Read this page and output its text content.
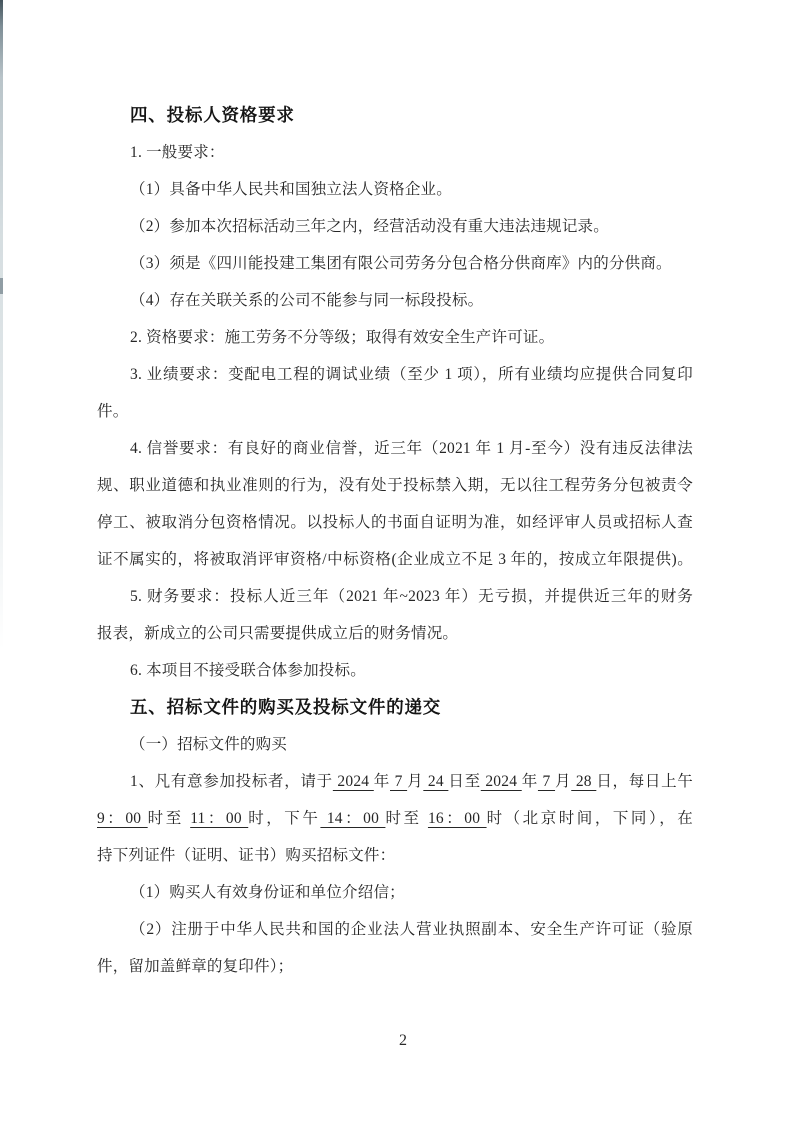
四、投标人资格要求
1. 一般要求：
（1）具备中华人民共和国独立法人资格企业。
（2）参加本次招标活动三年之内，经营活动没有重大违法违规记录。
（3）须是《四川能投建工集团有限公司劳务分包合格分供商库》内的分供商。
（4）存在关联关系的公司不能参与同一标段投标。
2. 资格要求：施工劳务不分等级；取得有效安全生产许可证。
3. 业绩要求：变配电工程的调试业绩（至少 1 项），所有业绩均应提供合同复印
件。
4. 信誉要求：有良好的商业信誉，近三年（2021 年 1 月-至今）没有违反法律法
规、职业道德和执业准则的行为，没有处于投标禁入期，无以往工程劳务分包被责令
停工、被取消分包资格情况。以投标人的书面自证明为准，如经评审人员或招标人查
证不属实的，将被取消评审资格/中标资格(企业成立不足 3 年的，按成立年限提供)。
5. 财务要求：投标人近三年（2021 年~2023 年）无亏损，并提供近三年的财务
报表，新成立的公司只需要提供成立后的财务情况。
6. 本项目不接受联合体参加投标。
五、招标文件的购买及投标文件的递交
（一）招标文件的购买
1、凡有意参加投标者，请于 2024 年 7 月 24 日至 2024 年 7 月 28 日，每日上午
9：00 时至 11：00 时，下午 14：00 时至 16：00 时（北京时间，下同），在
持下列证件（证明、证书）购买招标文件：
（1）购买人有效身份证和单位介绍信；
（2）注册于中华人民共和国的企业法人营业执照副本、安全生产许可证（验原
件，留加盖鲜章的复印件）；
2
